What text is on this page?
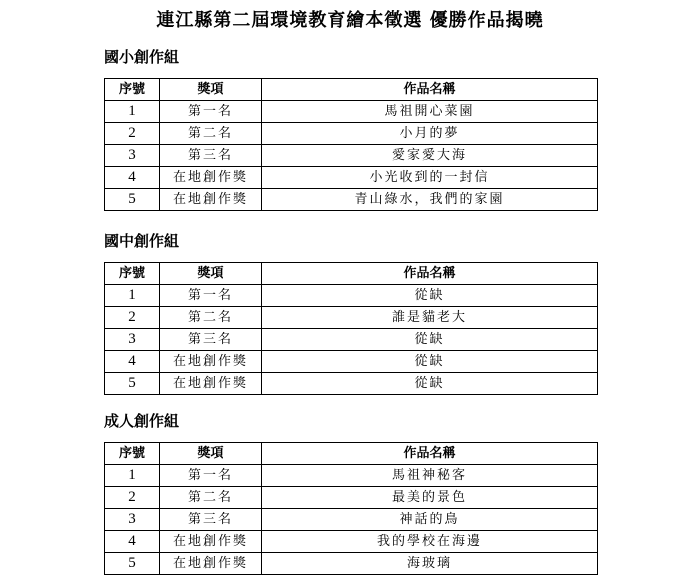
連江縣第二屆環境教育繪本徵選 優勝作品揭曉
國小創作組
序號	獎項	作品名稱
1	第一名	馬祖開心菜園
2	第二名	小月的夢
3	第三名	愛家愛大海
4	在地創作獎	小光收到的一封信
5	在地創作獎	青山綠水，我們的家園
國中創作組
序號	獎項	作品名稱
1	第一名	從缺
2	第二名	誰是貓老大
3	第三名	從缺
4	在地創作獎	從缺
5	在地創作獎	從缺
成人創作組
序號	獎項	作品名稱
1	第一名	馬祖神秘客
2	第二名	最美的景色
3	第三名	神話的鳥
4	在地創作獎	我的學校在海邊
5	在地創作獎	海玻璃
